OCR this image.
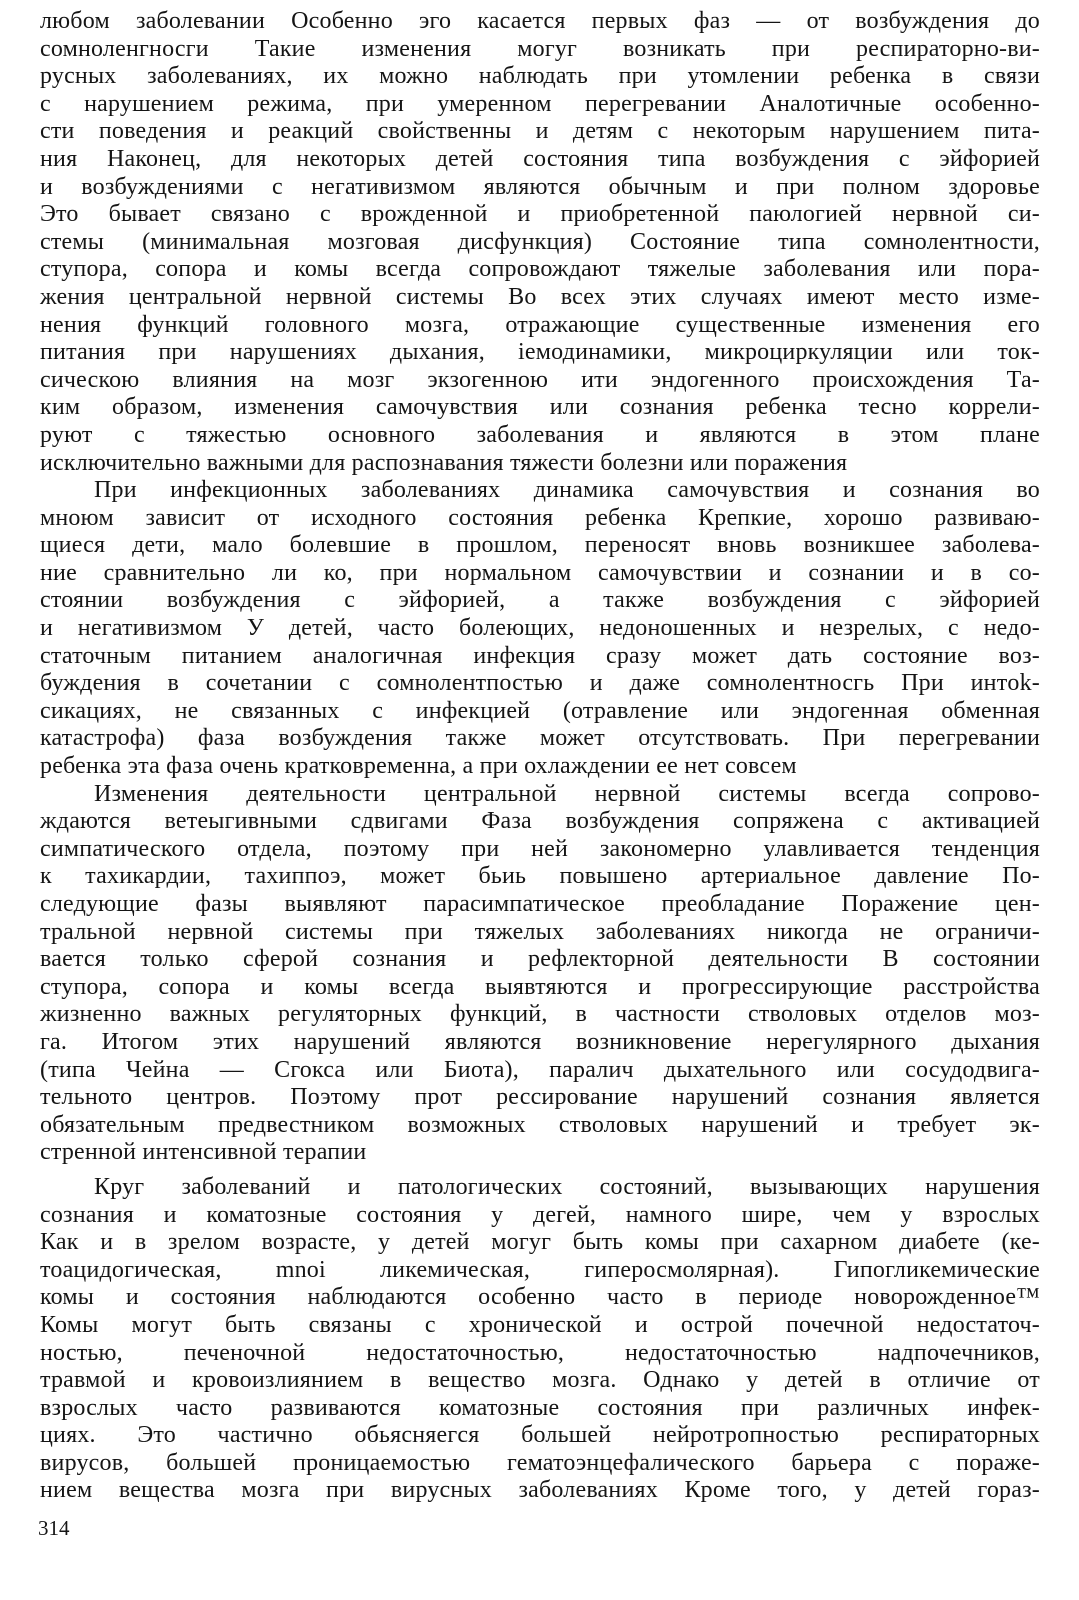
любом заболевании Особенно эго касается первых фаз — от возбуждения до
сомноленгносги Такие изменения могуг возникать при респираторно-ви-
русных заболеваниях, их можно наблюдать при утомлении ребенка в связи
с нарушением режима, при умеренном перегревании Аналотичные особенно-
сти поведения и реакций свойственны и детям с некоторым нарушением пита-
ния Наконец, для некоторых детей состояния типа возбуждения с эйфорией
и возбуждениями с негативизмом являются обычным и при полном здоровье
Это бывает связано с врожденной и приобретенной паюлогией нервной си-
стемы (минимальная мозговая дисфункция) Состояние типа сомнолентности,
ступора, сопора и комы всегда сопровождают тяжелые заболевания или пора-
жения центральной нервной системы Во всех этих случаях имеют место изме-
нения функций головного мозга, отражающие существенные изменения его
питания при нарушениях дыхания, іемодинамики, микроциркуляции или ток-
сическою влияния на мозг экзогенною ити эндогенного происхождения Та-
ким образом, изменения самочувствия или сознания ребенка тесно коррели-
руют с тяжестью основного заболевания и являются в этом плане
исключительно важными для распознавания тяжести болезни или поражения
При инфекционных заболеваниях динамика самочувствия и сознания во
мноюм зависит от исходного состояния ребенка Крепкие, хорошо развиваю-
щиеся дети, мало болевшие в прошлом, переносят вновь возникшее заболева-
ние сравнительно ли ко, при нормальном самочувствии и сознании и в со-
стоянии возбуждения с эйфорией, а также возбуждения с эйфорией
и негативизмом У детей, часто болеющих, недоношенных и незрелых, с недо-
статочным питанием аналогичная инфекция сразу может дать состояние воз-
буждения в сочетании с сомнолентпостью и даже сомнолентносгь При интok-
сикациях, не связанных с инфекцией (отравление или эндогенная обменная
катастрофа) фаза возбуждения также может отсутствовать. При перегревании
ребенка эта фаза очень кратковременна, а при охлаждении ее нет совсем
Изменения деятельности центральной нервной системы всегда сопрово-
ждаются ветеыгивными сдвигами Фаза возбуждения сопряжена с активацией
симпатического отдела, поэтому при ней закономерно улавливается тенденция
к тахикардии, тахиппоэ, может бьиь повышено артериальное давление По-
следующие фазы выявляют парасимпатическое преобладание Поражение цен-
тральной нервной системы при тяжелых заболеваниях никогда не ограничи-
вается только сферой сознания и рефлекторной деятельности В состоянии
ступора, сопора и комы всегда выявтяются и прогрессирующие расстройства
жизненно важных регуляторных функций, в частности стволовых отделов моз-
га. Итогом этих нарушений являются возникновение нерегулярного дыхания
(типа Чейна — Сгокса или Биота), паралич дыхательного или сосудодвига-
тельното центров. Поэтому прот рессирование нарушений сознания является
обязательным предвестником возможных стволовых нарушений и требует эк-
стренной интенсивной терапии
Круг заболеваний и патологических состояний, вызывающих нарушения
сознания и коматозные состояния у дегей, намного шире, чем у взрослых
Как и в зрелом возрасте, у детей могуг быть комы при сахарном диабете (ке-
тоацидогическая, mnoi ликемическая, гиперосмолярная). Гипогликемические
комы и состояния наблюдаются особенно часто в периоде новорожденное™
Комы могут быть связаны с хронической и острой почечной недостаточ-
ностью, печеночной недостаточностью, недостаточностью надпочечников,
травмой и кровоизлиянием в вещество мозга. Однако у детей в отличие от
взрослых часто развиваются коматозные состояния при различных инфек-
циях. Это частично обьясняегся большей нейротропностью респираторных
вирусов, большей проницаемостью гематоэнцефалического барьера с пораже-
нием вещества мозга при вирусных заболеваниях Кроме того, у детей гораз-
314
